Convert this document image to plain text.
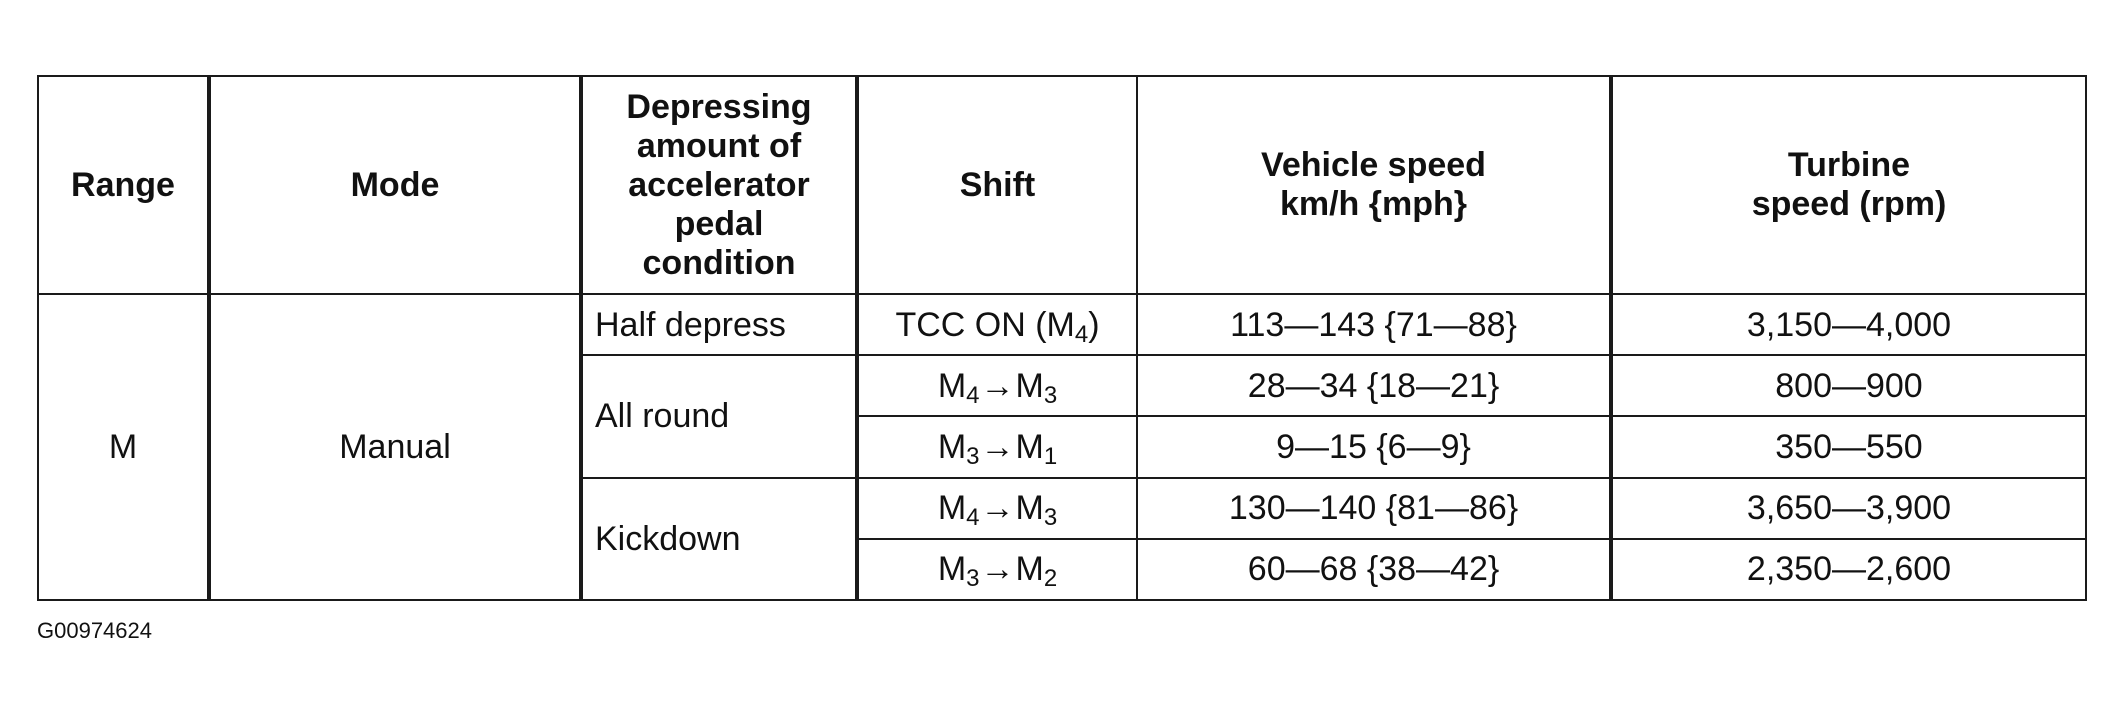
Range	Mode	Depressing amount of accelerator pedal condition	Shift	Vehicle speed km/h {mph}	Turbine speed (rpm)

M	Manual	Half depress	TCC ON $(M_4)$	113—143 {71—88}	3,150—4,000
		All round	$M_4\to M_3$	28—34 {18—21}	800—900
			$M_3\to M_1$	9—15 {6—9}	350—550
		Kickdown	$M_4\to M_3$	130—140 {81—86}	3,650—3,900
			$M_3\to M_2$	60—68 {38—42}	2,350—2,600
G00974624
